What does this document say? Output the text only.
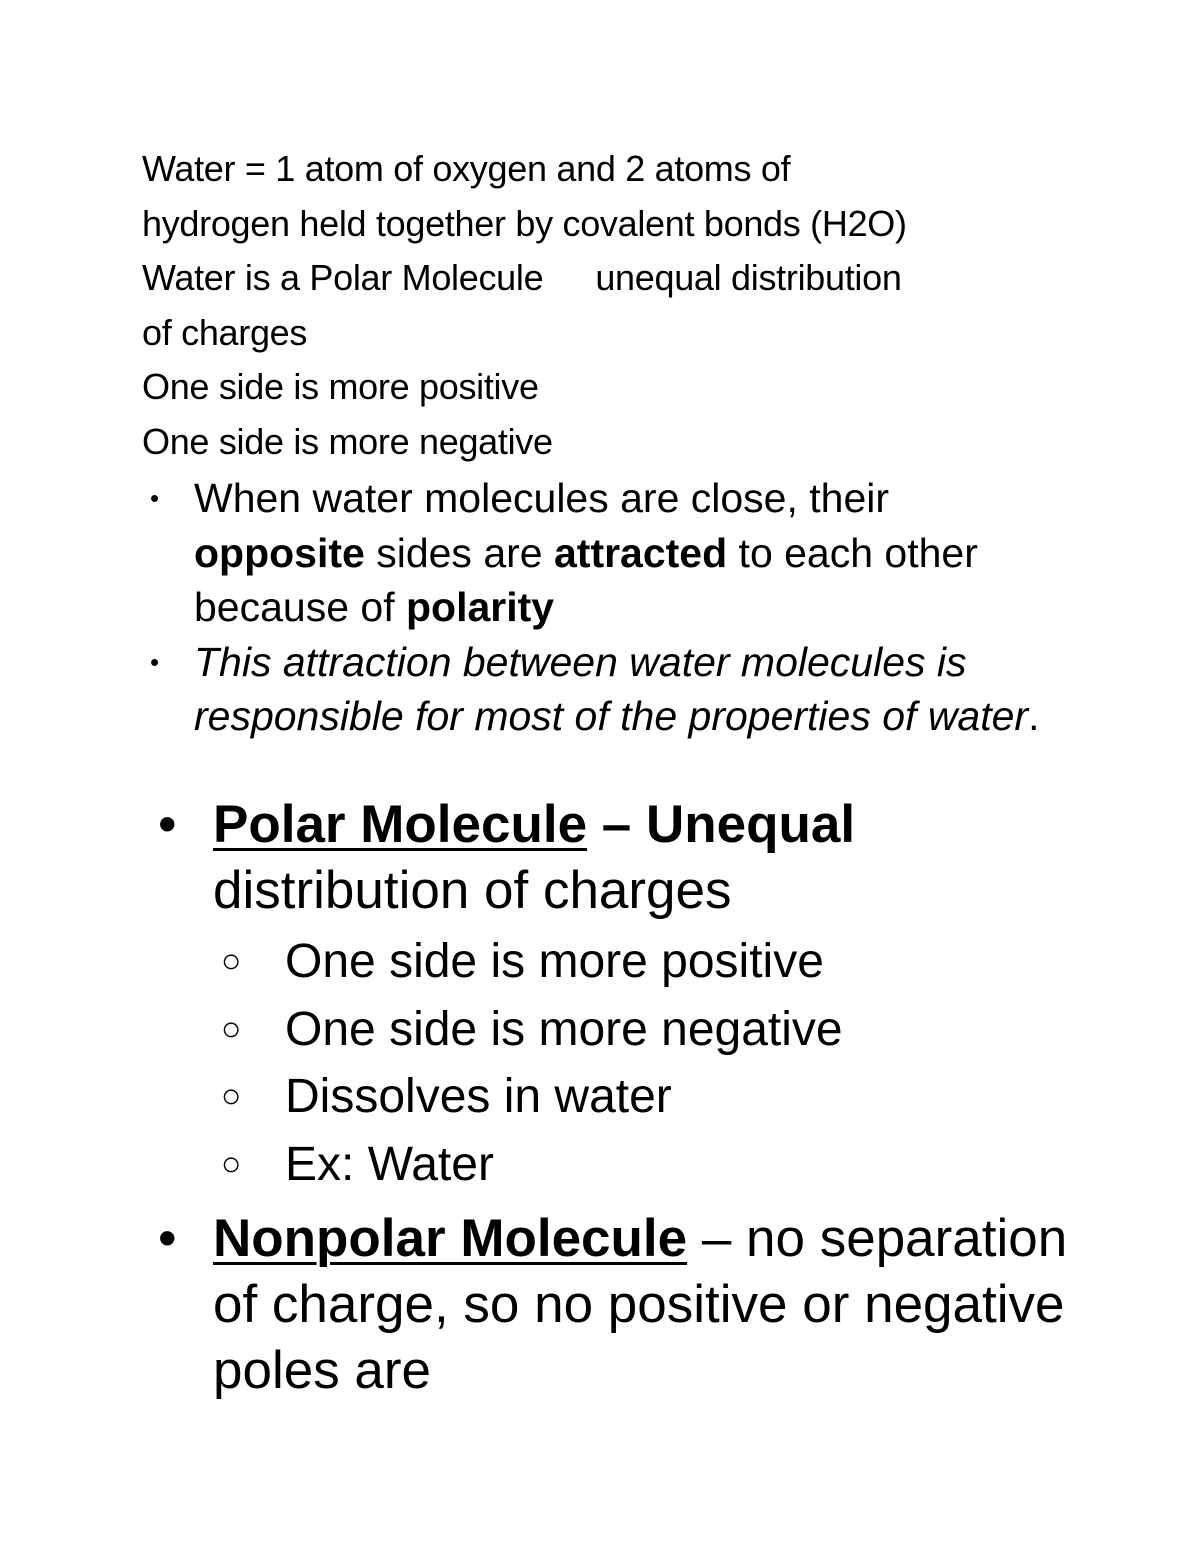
Water = 1 atom of oxygen and 2 atoms of

hydrogen held together by covalent bonds (H2O)

Water is a Polar Molecule unequal distribution

of charges

One side is more positive

One side is more negative

• When water molecules are close, their opposite sides are attracted to each other because of polarity
• This attraction between water molecules is responsible for most of the properties of water.
• Polar Molecule – Unequal distribution of charges
○ One side is more positive
○ One side is more negative
○ Dissolves in water
○ Ex: Water
• Nonpolar Molecule – no separation of charge, so no positive or negative poles are
